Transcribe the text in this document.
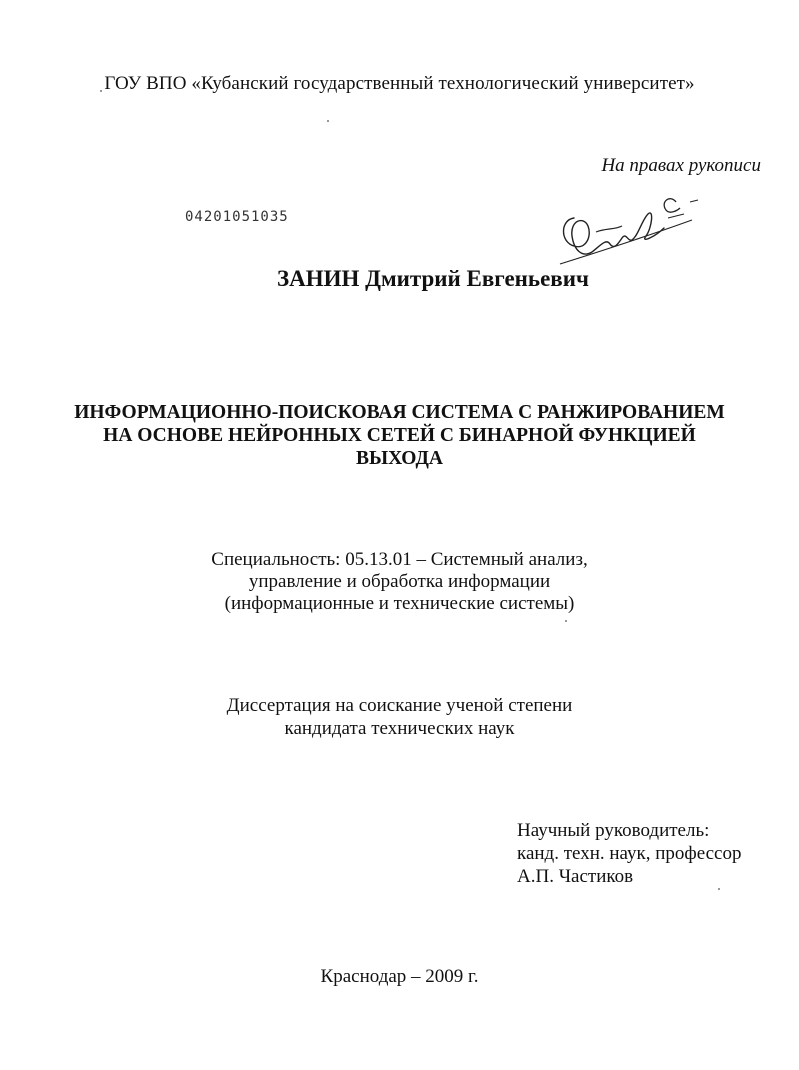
ГОУ ВПО «Кубанский государственный технологический университет»
На правах рукописи
04201051035
ЗАНИН Дмитрий Евгеньевич
ИНФОРМАЦИОННО-ПОИСКОВАЯ СИСТЕМА С РАНЖИРОВАНИЕМ
НА ОСНОВЕ НЕЙРОННЫХ СЕТЕЙ С БИНАРНОЙ ФУНКЦИЕЙ
ВЫХОДА
Специальность: 05.13.01 – Системный анализ,
управление и обработка информации
(информационные и технические системы)
Диссертация на соискание ученой степени
кандидата технических наук
Научный руководитель:
канд. техн. наук, профессор
А.П. Частиков
Краснодар – 2009 г.
